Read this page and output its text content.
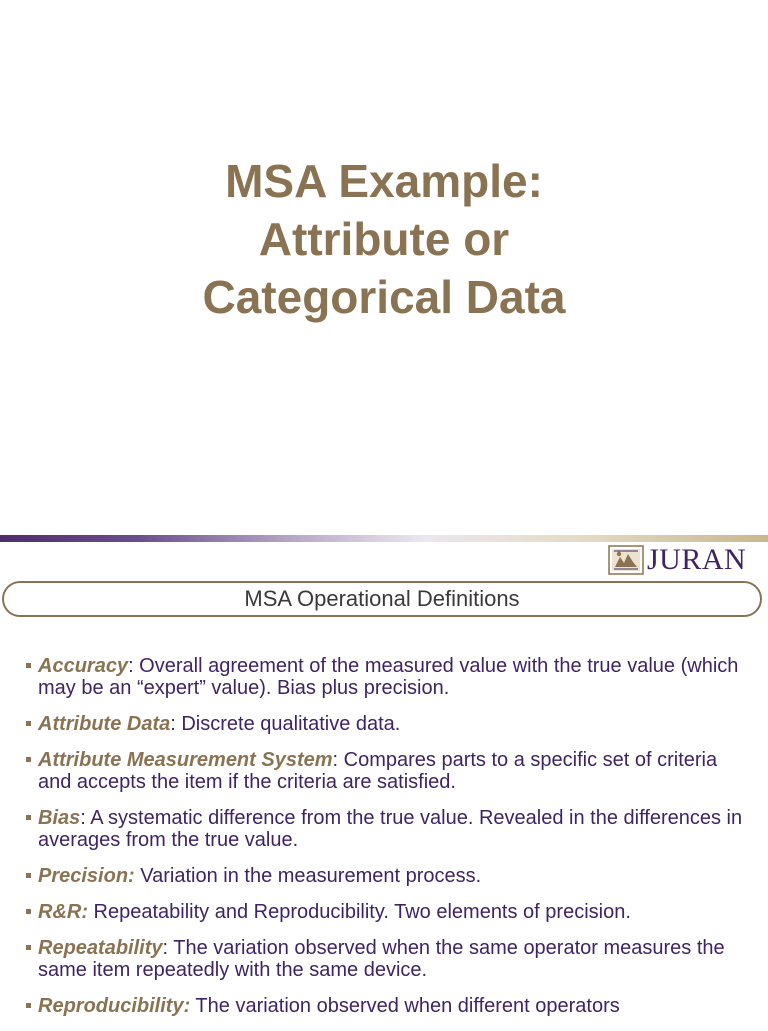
MSA Example:
Attribute or
Categorical Data
JURAN
MSA Operational Definitions
Accuracy: Overall agreement of the measured value with the true value (which may be an “expert” value). Bias plus precision.
Attribute Data: Discrete qualitative data.
Attribute Measurement System: Compares parts to a specific set of criteria and accepts the item if the criteria are satisfied.
Bias: A systematic difference from the true value. Revealed in the differences in averages from the true value.
Precision: Variation in the measurement process.
R&R: Repeatability and Reproducibility. Two elements of precision.
Repeatability: The variation observed when the same operator measures the same item repeatedly with the same device.
Reproducibility: The variation observed when different operators
